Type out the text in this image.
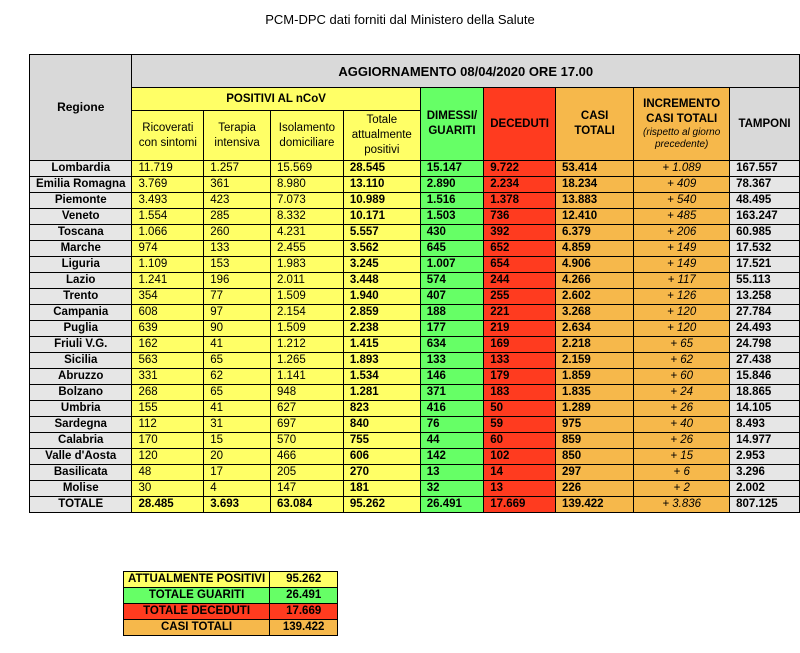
PCM-DPC dati forniti dal Ministero della Salute
Regione	AGGIORNAMENTO 08/04/2020 ORE 17.00								
	POSITIVI AL nCoV				DIMESSI/ GUARITI	DECEDUTI	CASI TOTALI	INCREMENTO CASI TOTALI
(rispetto al giorno precedente)	TAMPONI
	Ricoverati con sintomi	Terapia intensiva	Isolamento domiciliare	Totale attualmente positivi					
Lombardia	11.719	1.257	15.569	28.545	15.147	9.722	53.414	+ 1.089	167.557
Emilia Romagna	3.769	361	8.980	13.110	2.890	2.234	18.234	+ 409	78.367
Piemonte	3.493	423	7.073	10.989	1.516	1.378	13.883	+ 540	48.495
Veneto	1.554	285	8.332	10.171	1.503	736	12.410	+ 485	163.247
Toscana	1.066	260	4.231	5.557	430	392	6.379	+ 206	60.985
Marche	974	133	2.455	3.562	645	652	4.859	+ 149	17.532
Liguria	1.109	153	1.983	3.245	1.007	654	4.906	+ 149	17.521
Lazio	1.241	196	2.011	3.448	574	244	4.266	+ 117	55.113
Trento	354	77	1.509	1.940	407	255	2.602	+ 126	13.258
Campania	608	97	2.154	2.859	188	221	3.268	+ 120	27.784
Puglia	639	90	1.509	2.238	177	219	2.634	+ 120	24.493
Friuli V.G.	162	41	1.212	1.415	634	169	2.218	+ 65	24.798
Sicilia	563	65	1.265	1.893	133	133	2.159	+ 62	27.438
Abruzzo	331	62	1.141	1.534	146	179	1.859	+ 60	15.846
Bolzano	268	65	948	1.281	371	183	1.835	+ 24	18.865
Umbria	155	41	627	823	416	50	1.289	+ 26	14.105
Sardegna	112	31	697	840	76	59	975	+ 40	8.493
Calabria	170	15	570	755	44	60	859	+ 26	14.977
Valle d'Aosta	120	20	466	606	142	102	850	+ 15	2.953
Basilicata	48	17	205	270	13	14	297	+ 6	3.296
Molise	30	4	147	181	32	13	226	+ 2	2.002
TOTALE	28.485	3.693	63.084	95.262	26.491	17.669	139.422	+ 3.836	807.125
ATTUALMENTE POSITIVI	95.262
TOTALE GUARITI	26.491
TOTALE DECEDUTI	17.669
CASI TOTALI	139.422
